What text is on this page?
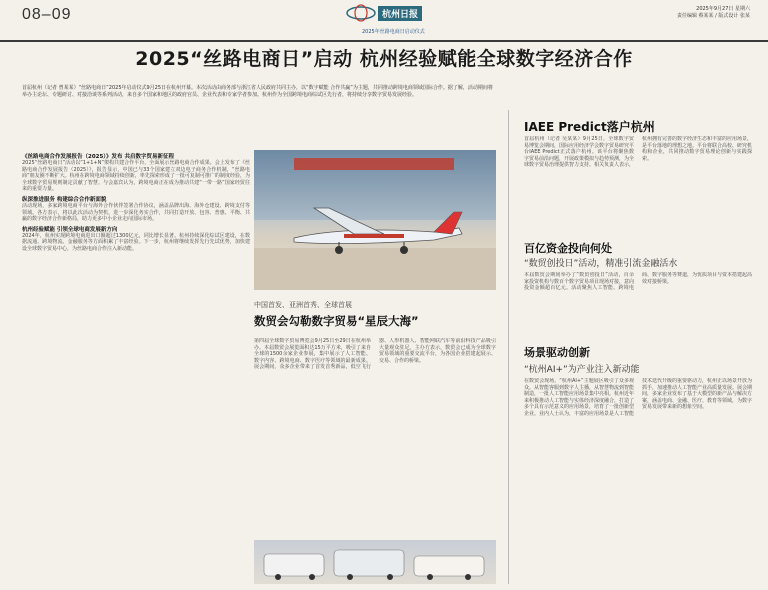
08–09	杭州日报
2025年丝路电商日启动仪式
2025年9月27日 星期六
责任编辑 蔡某某 / 版式设计 张某
2025“丝路电商日”启动 杭州经验赋能全球数字经济合作
首届杭州（记者 曾某某）“丝路电商日”2025年启动仪式9月25日在杭州开幕。本次活动由商务部与浙江省人民政府共同主办，以“数字赋能 合作共赢”为主题，共同推动跨境电商领域国际合作。据了解，活动期间将举办主论坛、专题研讨、对接洽谈等系列活动，来自多个国家和地区的政府官员、企业代表和专家学者参加。杭州作为全国跨境电商综试区先行者，将持续分享数字贸易发展经验。
《丝路电商合作发展报告（2025）》发布 共启数字贸易新征程
2025“丝路电商日”活动以“1+1+N”架构共建合作平台，全面展示丝路电商合作成果。会上发布了《丝路电商合作发展报告（2025）》，报告显示，中国已与33个国家建立双边电子商务合作机制，“丝路电商”朋友圈不断扩大。杭州在跨境电商领域持续创新，率先探索形成了一批可复制可推广的制度经验，为全球数字贸易规则制定贡献了智慧。与会嘉宾认为，跨境电商正在成为推动共建“一带一路”国家经贸往来的重要力量。
纵深推进服务 构建综合合作新面貌
活动现场，多家跨境电商平台与海外合作伙伴签署合作协议，涵盖品牌出海、海外仓建设、跨境支付等领域。各方表示，将以此次活动为契机，进一步深化务实合作，共同打造开放、包容、普惠、平衡、共赢的数字经济合作新格局，助力更多中小企业走向国际市场。
杭州经验赋能 引领全球电商发展新方向
2024年，杭州实现跨境电商进出口额超过1300亿元，同比增长显著。杭州持续深化综试区建设，在数据流通、跨境物流、金融服务等方面积累了丰富经验。下一步，杭州将继续发挥先行先试优势，加快建设全球数字贸易中心，为丝路电商合作注入新动能。
中国首发、亚洲首秀、全球首展
数贸会勾勒数字贸易“星辰大海”
第四届全球数字贸易博览会9月25日至29日在杭州举办。本届数贸会展览面积达15万平方米，吸引了来自全球的1500余家企业参展，集中展示了人工智能、数字内容、跨境电商、数字医疗等领域的最新成果。展会期间，众多企业带来了首发首秀新品，低空飞行器、人形机器人、智能网联汽车等前沿科技产品吸引大量观众驻足。主办方表示，数贸会已成为全球数字贸易领域的重要交流平台，为各国企业搭建起展示、交易、合作的桥梁。
IAEE Predict落户杭州
首届杭州（记者 吴某某）9月25日，全球数字贸易博览会期间，国际应用经济学会数字贸易研究平台IAEE Predict正式落户杭州。该平台将聚焦数字贸易前沿问题，开展政策模拟与趋势预测，为全球数字贸易治理提供智力支持。相关负责人表示，杭州拥有完善的数字经济生态和丰富的应用场景，是平台落地的理想之地。平台将联合高校、研究机构和企业，共同推动数字贸易理论创新与实践探索。
百亿资金投向何处
“数贸创投日”活动，精准引流金融活水
本届数贸会期间举办了“数贸创投日”活动，百余家投资机构与数百个数字贸易项目现场对接，意向投资金额超百亿元。活动聚焦人工智能、跨境电商、数字服务等赛道，为优质项目与资本搭建起高效对接桥梁。
场景驱动创新
“杭州AI+”为产业注入新动能
在数贸会现场，“杭州AI+”主题展区吸引了众多观众。从智能客服到数字人主播，从智慧物流到智能制造，一批人工智能应用场景集中亮相。杭州近年来积极推动人工智能与实体经济深度融合，打造了多个具有示范意义的应用场景，培育了一批创新型企业。业内人士认为，丰富的应用场景是人工智能技术迭代升级的重要驱动力，杭州正以场景开放为抓手，加速推动人工智能产业高质量发展。展会期间，多家企业发布了基于大模型的新产品与解决方案，涵盖电商、金融、医疗、教育等领域，为数字贸易发展带来新的想象空间。
